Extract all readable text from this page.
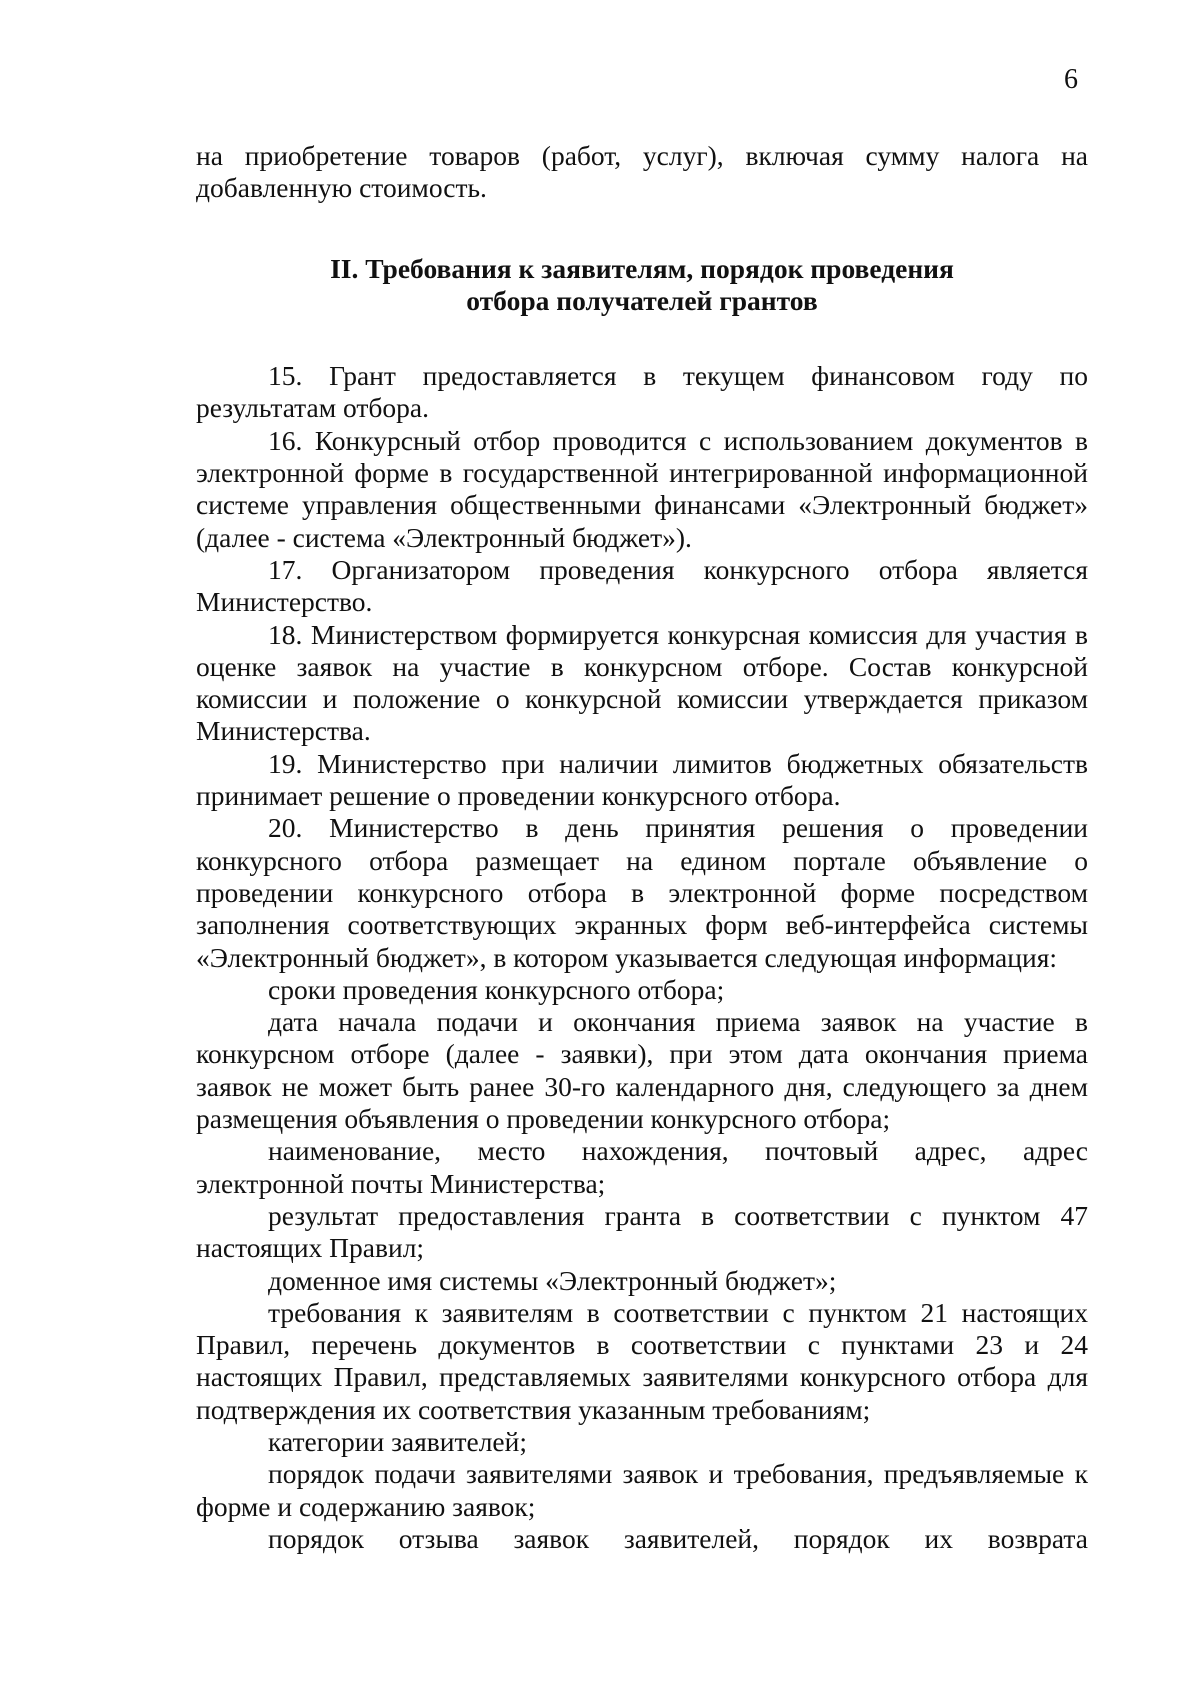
6

на приобретение товаров (работ, услуг), включая сумму налога на добавленную стоимость.

II. Требования к заявителям, порядок проведения
отбора получателей грантов

15. Грант предоставляется в текущем финансовом году по результатам отбора.

16. Конкурсный отбор проводится с использованием документов в электронной форме в государственной интегрированной информационной системе управления общественными финансами «Электронный бюджет» (далее - система «Электронный бюджет»).

17. Организатором проведения конкурсного отбора является Министерство.

18. Министерством формируется конкурсная комиссия для участия в оценке заявок на участие в конкурсном отборе. Состав конкурсной комиссии и положение о конкурсной комиссии утверждается приказом Министерства.

19. Министерство при наличии лимитов бюджетных обязательств принимает решение о проведении конкурсного отбора.

20. Министерство в день принятия решения о проведении конкурсного отбора размещает на едином портале объявление о проведении конкурсного отбора в электронной форме посредством заполнения соответствующих экранных форм веб-интерфейса системы «Электронный бюджет», в котором указывается следующая информация:

сроки проведения конкурсного отбора;

дата начала подачи и окончания приема заявок на участие в конкурсном отборе (далее - заявки), при этом дата окончания приема заявок не может быть ранее 30-го календарного дня, следующего за днем размещения объявления о проведении конкурсного отбора;

наименование, место нахождения, почтовый адрес, адрес электронной почты Министерства;

результат предоставления гранта в соответствии с пунктом 47 настоящих Правил;

доменное имя системы «Электронный бюджет»;

требования к заявителям в соответствии с пунктом 21 настоящих Правил, перечень документов в соответствии с пунктами 23 и 24 настоящих Правил, представляемых заявителями конкурсного отбора для подтверждения их соответствия указанным требованиям;

категории заявителей;

порядок подачи заявителями заявок и требования, предъявляемые к форме и содержанию заявок;

порядок отзыва заявок заявителей, порядок их возврата
